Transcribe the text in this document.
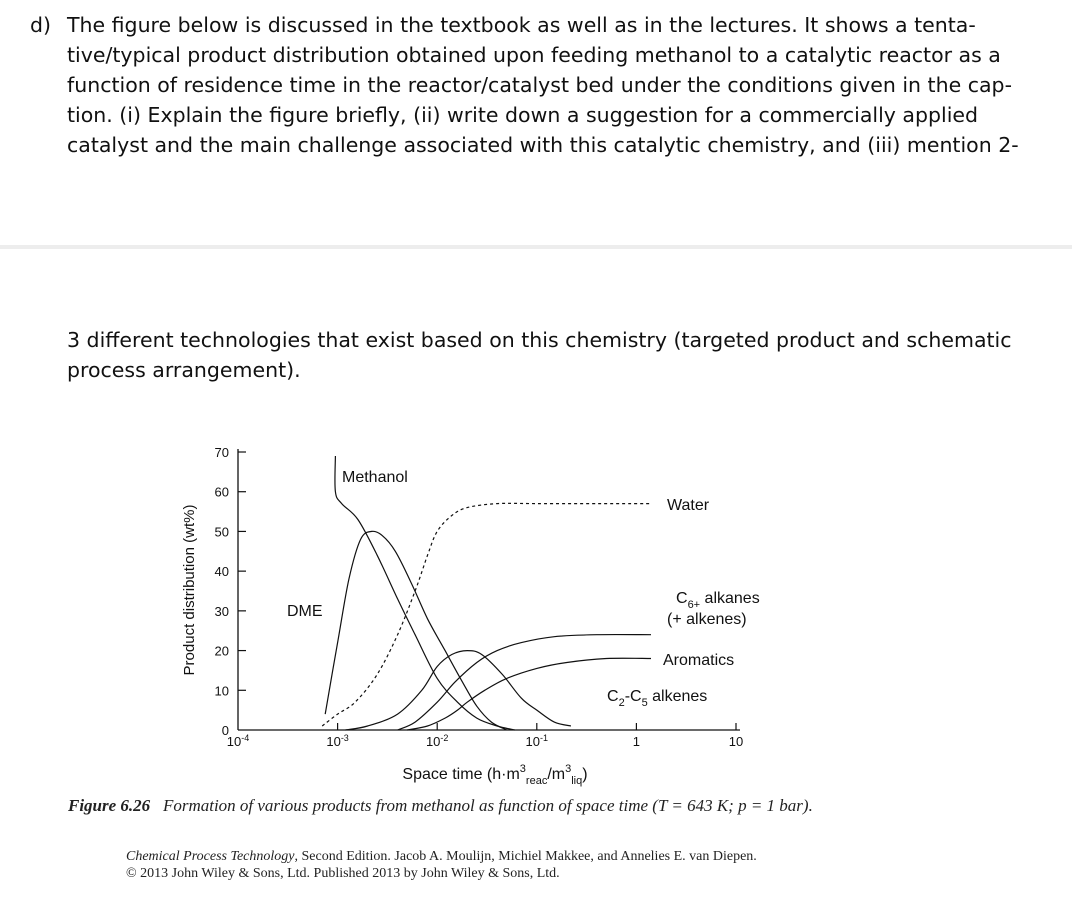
d) The figure below is discussed in the textbook as well as in the lectures. It shows a tenta-
tive/typical product distribution obtained upon feeding methanol to a catalytic reactor as a
function of residence time in the reactor/catalyst bed under the conditions given in the cap-
tion. (i) Explain the figure briefly, (ii) write down a suggestion for a commercially applied
catalyst and the main challenge associated with this catalytic chemistry, and (iii) mention 2-
3 different technologies that exist based on this chemistry (targeted product and schematic
process arrangement).
0
10
20
30
40
50
60
70
$10^{-4}$	$10^{-3}$	$10^{-2}$	$10^{-1}$	1	10
Product distribution (wt%)
Space time $(h\cdot m^3_{reac}/m^3_{liq})$
Methanol
Water
DME
$C_{6+}$ alkanes
(+ alkenes)
Aromatics
$C_2-C_5$ alkenes
Figure 6.26 Formation of various products from methanol as function of space time (T = 643 K; p = 1 bar).
Chemical Process Technology, Second Edition. Jacob A. Moulijn, Michiel Makkee, and Annelies E. van Diepen.
© 2013 John Wiley & Sons, Ltd. Published 2013 by John Wiley & Sons, Ltd.
